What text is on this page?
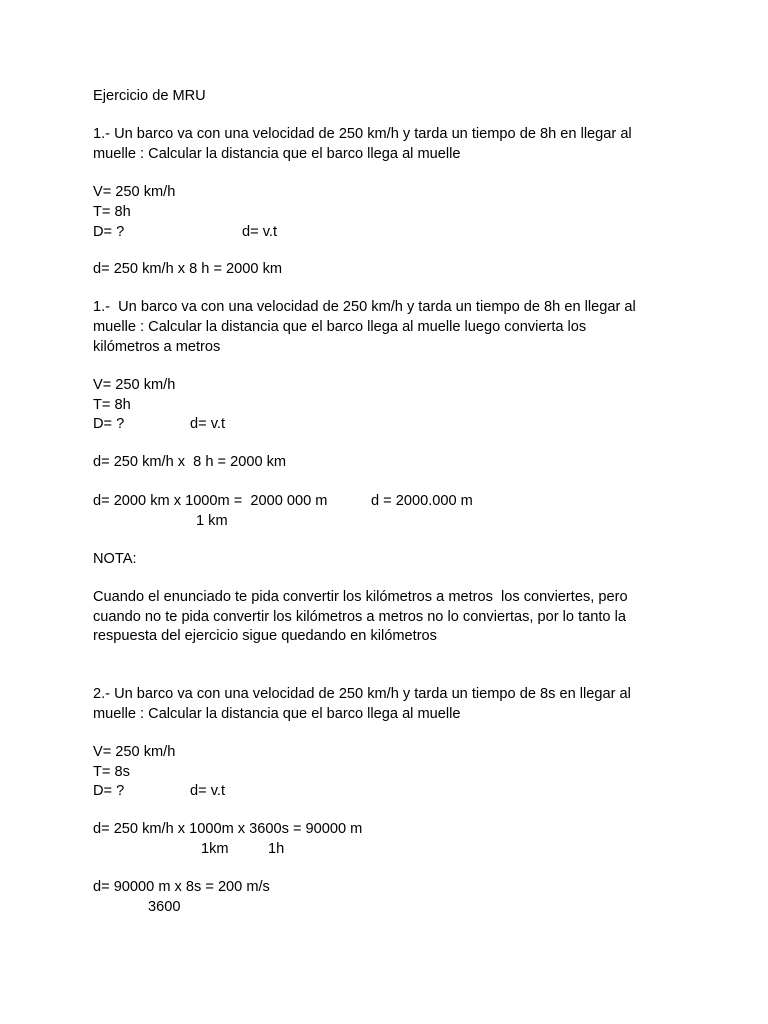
Ejercicio de MRU

1.- Un barco va con una velocidad de 250 km/h y tarda un tiempo de 8h en llegar al

muelle : Calcular la distancia que el barco llega al muelle

V= 250 km/h

T= 8h

D= ?	d= v.t

d= 250 km/h x 8 h = 2000 km

1.-  Un barco va con una velocidad de 250 km/h y tarda un tiempo de 8h en llegar al

muelle : Calcular la distancia que el barco llega al muelle luego convierta los

kilómetros a metros

V= 250 km/h

T= 8h

D= ?	d= v.t

d= 250 km/h x  8 h = 2000 km

d= 2000 km x 1000m =  2000 000 m	d = 2000.000 m

1 km

NOTA:

Cuando el enunciado te pida convertir los kilómetros a metros  los conviertes, pero

cuando no te pida convertir los kilómetros a metros no lo conviertas, por lo tanto la

respuesta del ejercicio sigue quedando en kilómetros

2.- Un barco va con una velocidad de 250 km/h y tarda un tiempo de 8s en llegar al

muelle : Calcular la distancia que el barco llega al muelle

V= 250 km/h

T= 8s

D= ?	d= v.t

d= 250 km/h x 1000m x 3600s = 90000 m

1km	1h

d= 90000 m x 8s = 200 m/s

3600
